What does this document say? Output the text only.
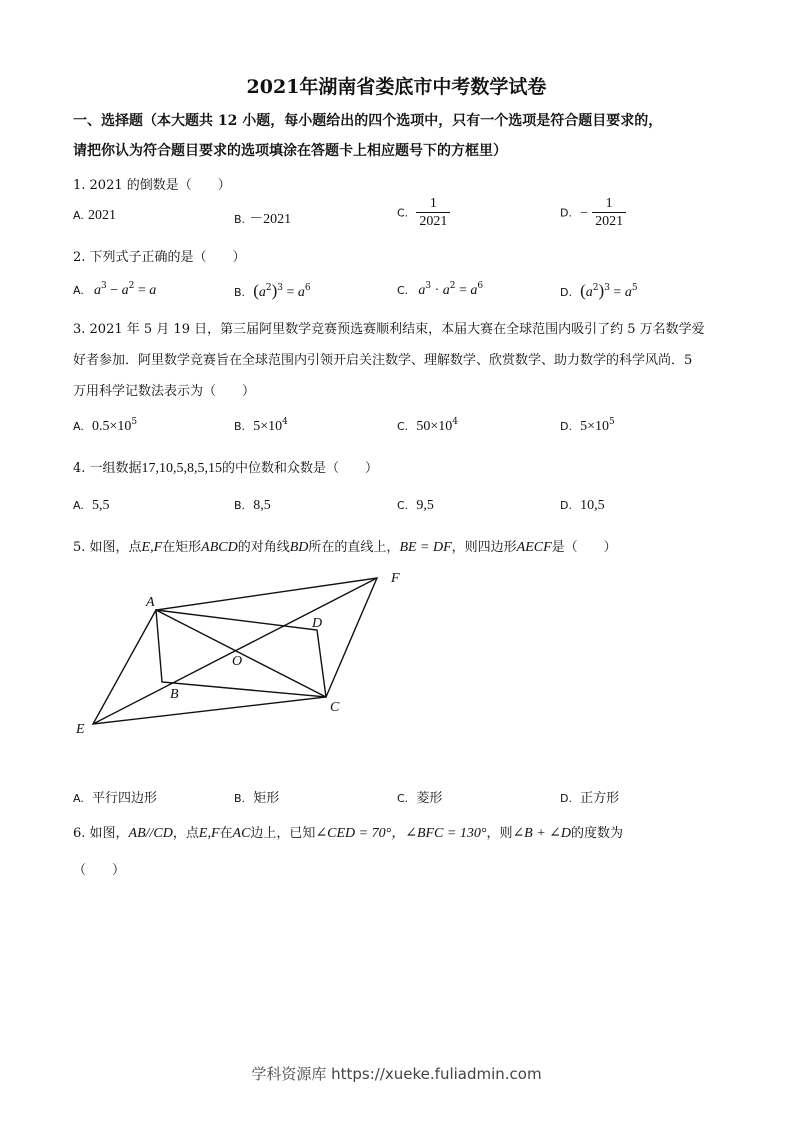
2021年湖南省娄底市中考数学试卷
一、选择题（本大题共 12 小题，每小题给出的四个选项中，只有一个选项是符合题目要求的，
请把你认为符合题目要求的选项填涂在答题卡上相应题号下的方框里）
1. 2021 的倒数是（　　）
A. 2021	B. －2021	C. $\frac{1}{2021}$	D. − $\frac{1}{2021}$
2. 下列式子正确的是（　　）
A. $a^3 - a^2 = a$	B. $(a^2)^3 = a^6$	C. $a^3 \cdot a^2 = a^6$	D. $(a^2)^3 = a^5$
3. 2021 年 5 月 19 日，第三届阿里数学竞赛预选赛顺利结束，本届大赛在全球范围内吸引了约 5 万名数学爱
好者参加．阿里数学竞赛旨在全球范围内引领开启关注数学、理解数学、欣赏数学、助力数学的科学风尚．5
万用科学记数法表示为（　　）
A. $0.5\times 10^5$	B. $5\times 10^4$	C. $50\times 10^4$	D. $5\times 10^5$
4. 一组数据17,10,5,8,5,15的中位数和众数是（　　）
A. 5,5	B. 8,5	C. 9,5	D. 10,5
5. 如图，点E,F在矩形ABCD的对角线BD所在的直线上，BE = DF，则四边形AECF是（　　）
A
B
C
D
E
F
O
A. 平行四边形	B. 矩形	C. 菱形	D. 正方形
6. 如图，AB//CD，点E,F在AC边上，已知∠CED = 70°，∠BFC = 130°，则∠B + ∠D的度数为
（　　）
学科资源库 https://xueke.fuliadmin.com
